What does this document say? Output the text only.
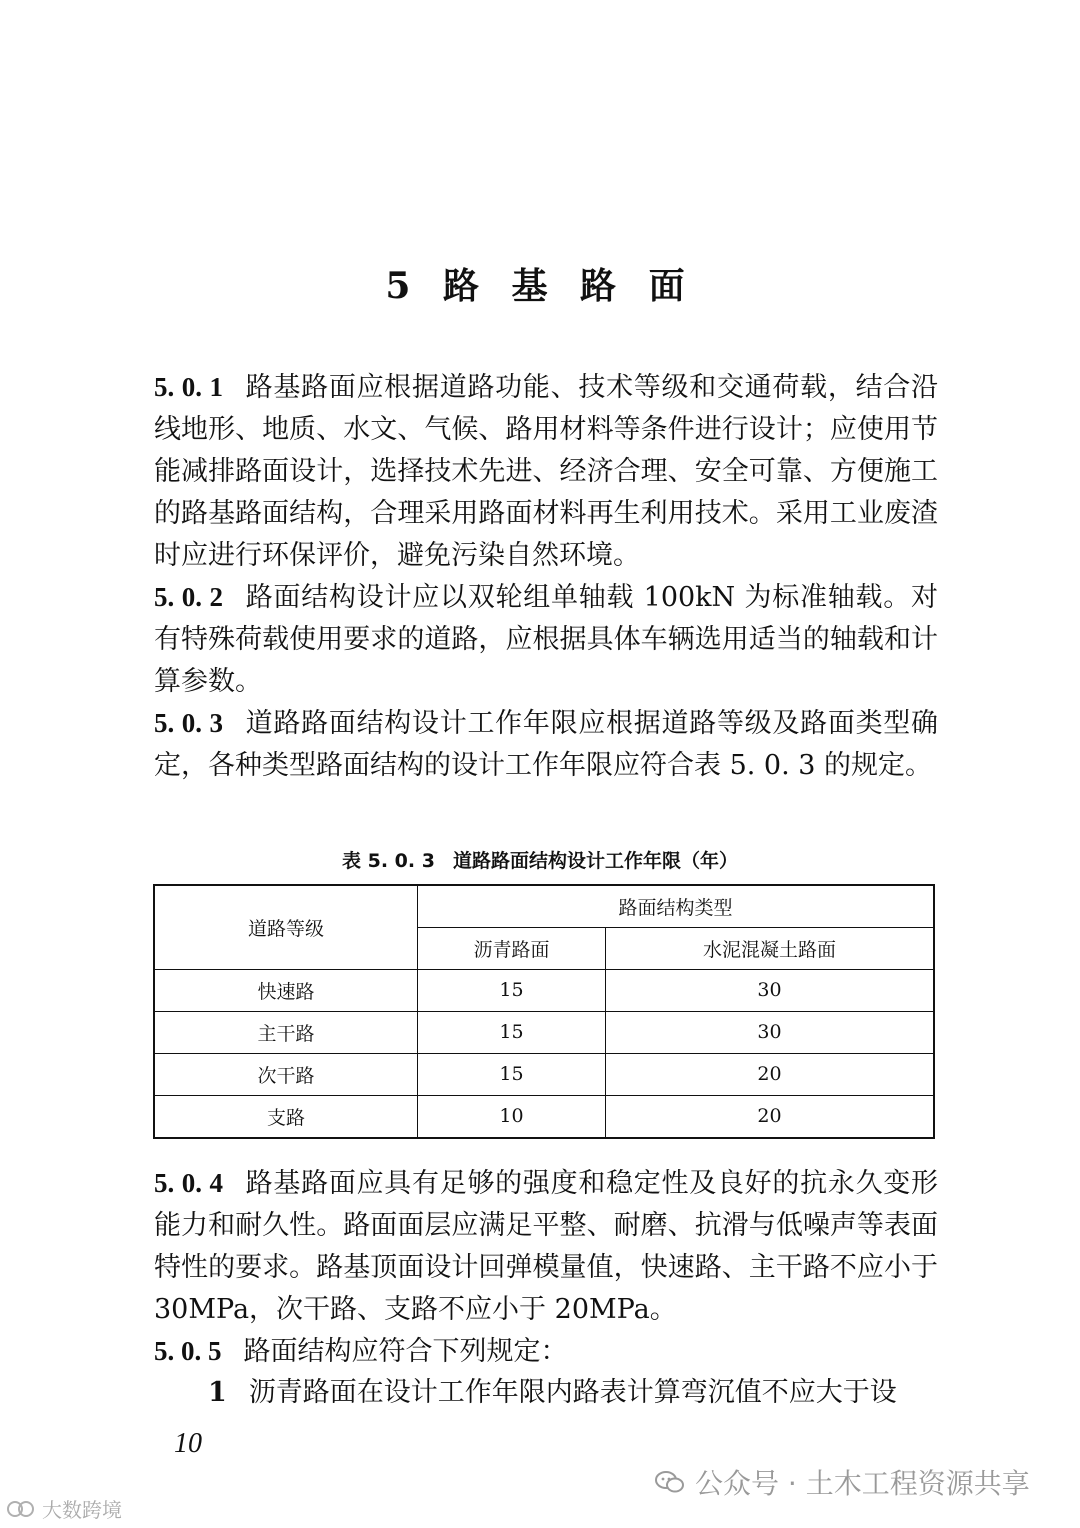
5 路 基 路 面

5. 0. 1 路基路面应根据道路功能、技术等级和交通荷载，结合沿线地形、地质、水文、气候、路用材料等条件进行设计；应使用节能减排路面设计，选择技术先进、经济合理、安全可靠、方便施工的路基路面结构，合理采用路面材料再生利用技术。采用工业废渣时应进行环保评价，避免污染自然环境。

5. 0. 2 路面结构设计应以双轮组单轴载 100kN 为标准轴载。对有特殊荷载使用要求的道路，应根据具体车辆选用适当的轴载和计算参数。

5. 0. 3 道路路面结构设计工作年限应根据道路等级及路面类型确定，各种类型路面结构的设计工作年限应符合表 5. 0. 3 的规定。

表 5. 0. 3 道路路面结构设计工作年限（年）
道路等级	路面结构类型	
	沥青路面	水泥混凝土路面
快速路	15	30
主干路	15	30
次干路	15	20
支路	10	20

5. 0. 4 路基路面应具有足够的强度和稳定性及良好的抗永久变形能力和耐久性。路面面层应满足平整、耐磨、抗滑与低噪声等表面特性的要求。路基顶面设计回弹模量值，快速路、主干路不应小于 30MPa，次干路、支路不应小于 20MPa。

5. 0. 5 路面结构应符合下列规定：

1 沥青路面在设计工作年限内路表计算弯沉值不应大于设
10
公众号 · 土木工程资源共享
大数跨境
